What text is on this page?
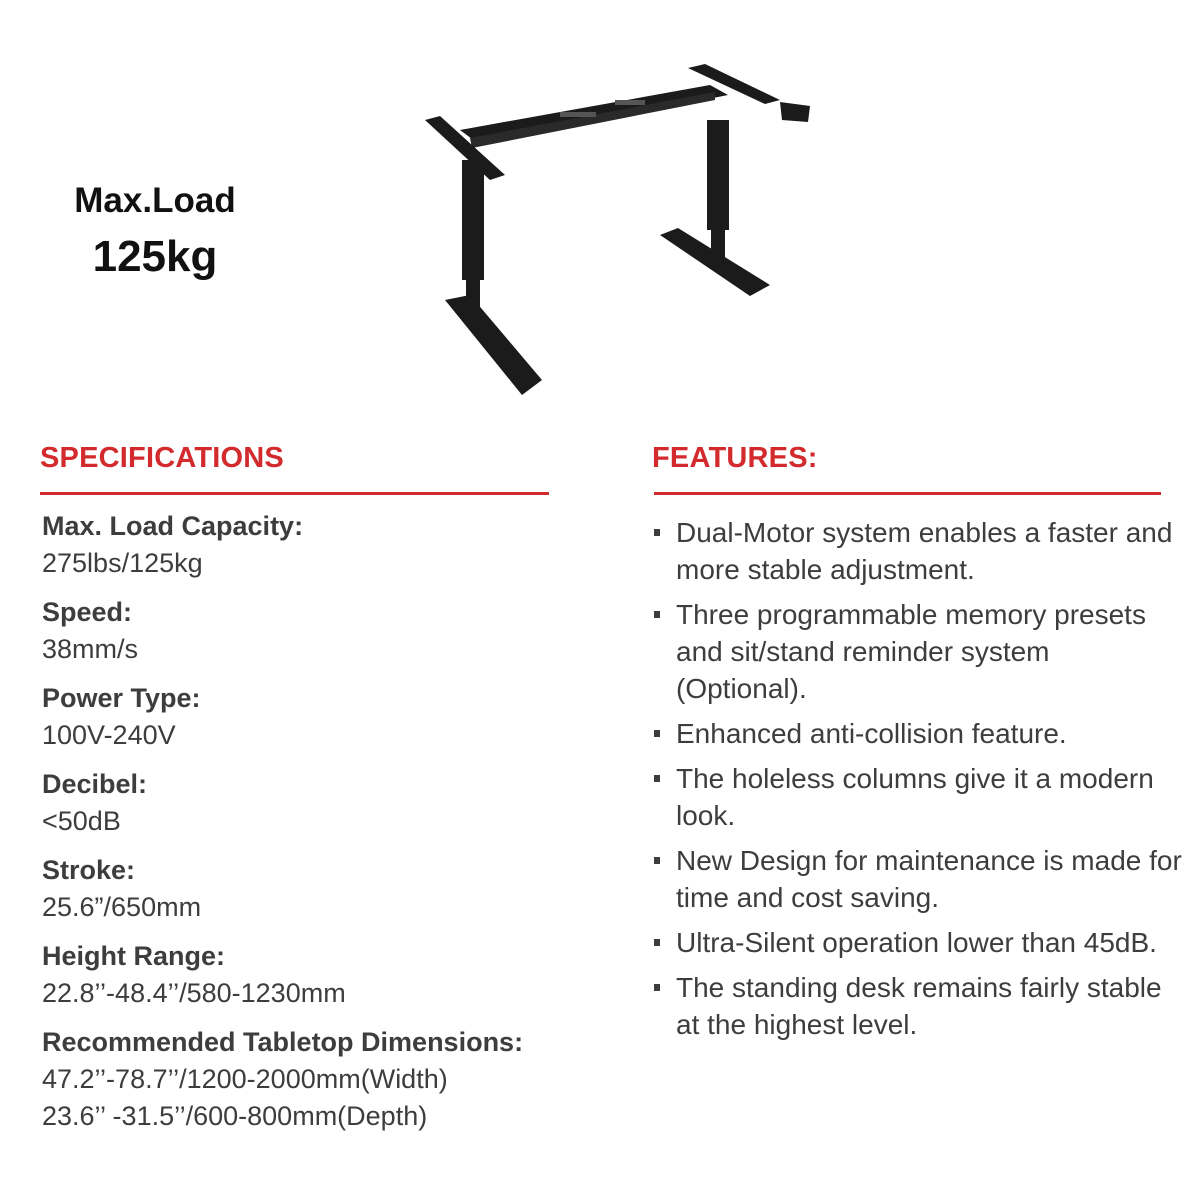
Max.Load
125kg
SPECIFICATIONS	FEATURES:
Max. Load Capacity:
275lbs/125kg
Speed:
38mm/s
Power Type:
100V-240V
Decibel:
<50dB
Stroke:
25.6”/650mm
Height Range:
22.8’’-48.4’’/580-1230mm
Recommended Tabletop Dimensions:
47.2’’-78.7’’/1200-2000mm(Width)
23.6’’ -31.5’’/600-800mm(Depth)
Dual-Motor system enables a faster and more stable adjustment.
Three programmable memory presets and sit/stand reminder system (Optional).
Enhanced anti-collision feature.
The holeless columns give it a modern look.
New Design for maintenance is made for time and cost saving.
Ultra-Silent operation lower than 45dB.
The standing desk remains fairly stable at the highest level.
